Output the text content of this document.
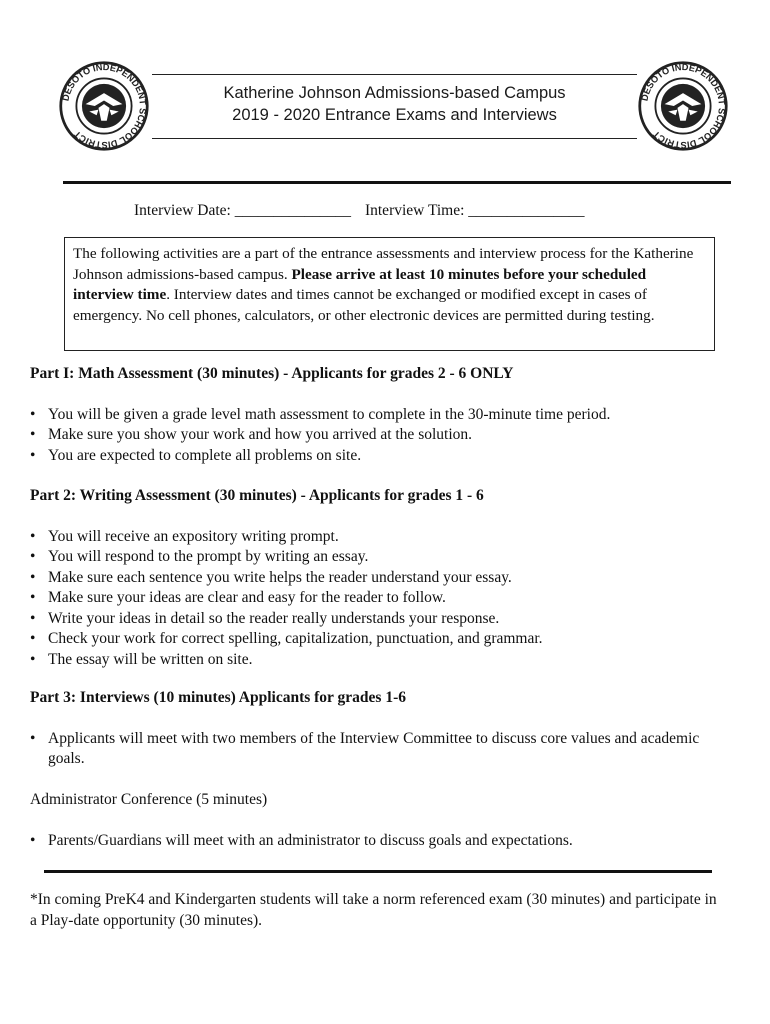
DESOTO INDEPENDENT SCHOOL DISTRICT
Katherine Johnson Admissions-based Campus
2019 - 2020 Entrance Exams and Interviews
DESOTO INDEPENDENT SCHOOL DISTRICT
Interview Date: _______________ Interview Time: _______________
The following activities are a part of the entrance assessments and interview process for the Katherine Johnson admissions-based campus. Please arrive at least 10 minutes before your scheduled interview time. Interview dates and times cannot be exchanged or modified except in cases of emergency. No cell phones, calculators, or other electronic devices are permitted during testing.
Part I: Math Assessment (30 minutes) - Applicants for grades 2 - 6 ONLY
• You will be given a grade level math assessment to complete in the 30-minute time period.
• Make sure you show your work and how you arrived at the solution.
• You are expected to complete all problems on site.
Part 2: Writing Assessment (30 minutes) - Applicants for grades 1 - 6
• You will receive an expository writing prompt.
• You will respond to the prompt by writing an essay.
• Make sure each sentence you write helps the reader understand your essay.
• Make sure your ideas are clear and easy for the reader to follow.
• Write your ideas in detail so the reader really understands your response.
• Check your work for correct spelling, capitalization, punctuation, and grammar.
• The essay will be written on site.
Part 3: Interviews (10 minutes) Applicants for grades 1-6
• Applicants will meet with two members of the Interview Committee to discuss core values and academic goals.
Administrator Conference (5 minutes)
• Parents/Guardians will meet with an administrator to discuss goals and expectations.
*In coming PreK4 and Kindergarten students will take a norm referenced exam (30 minutes) and participate in a Play-date opportunity (30 minutes).
